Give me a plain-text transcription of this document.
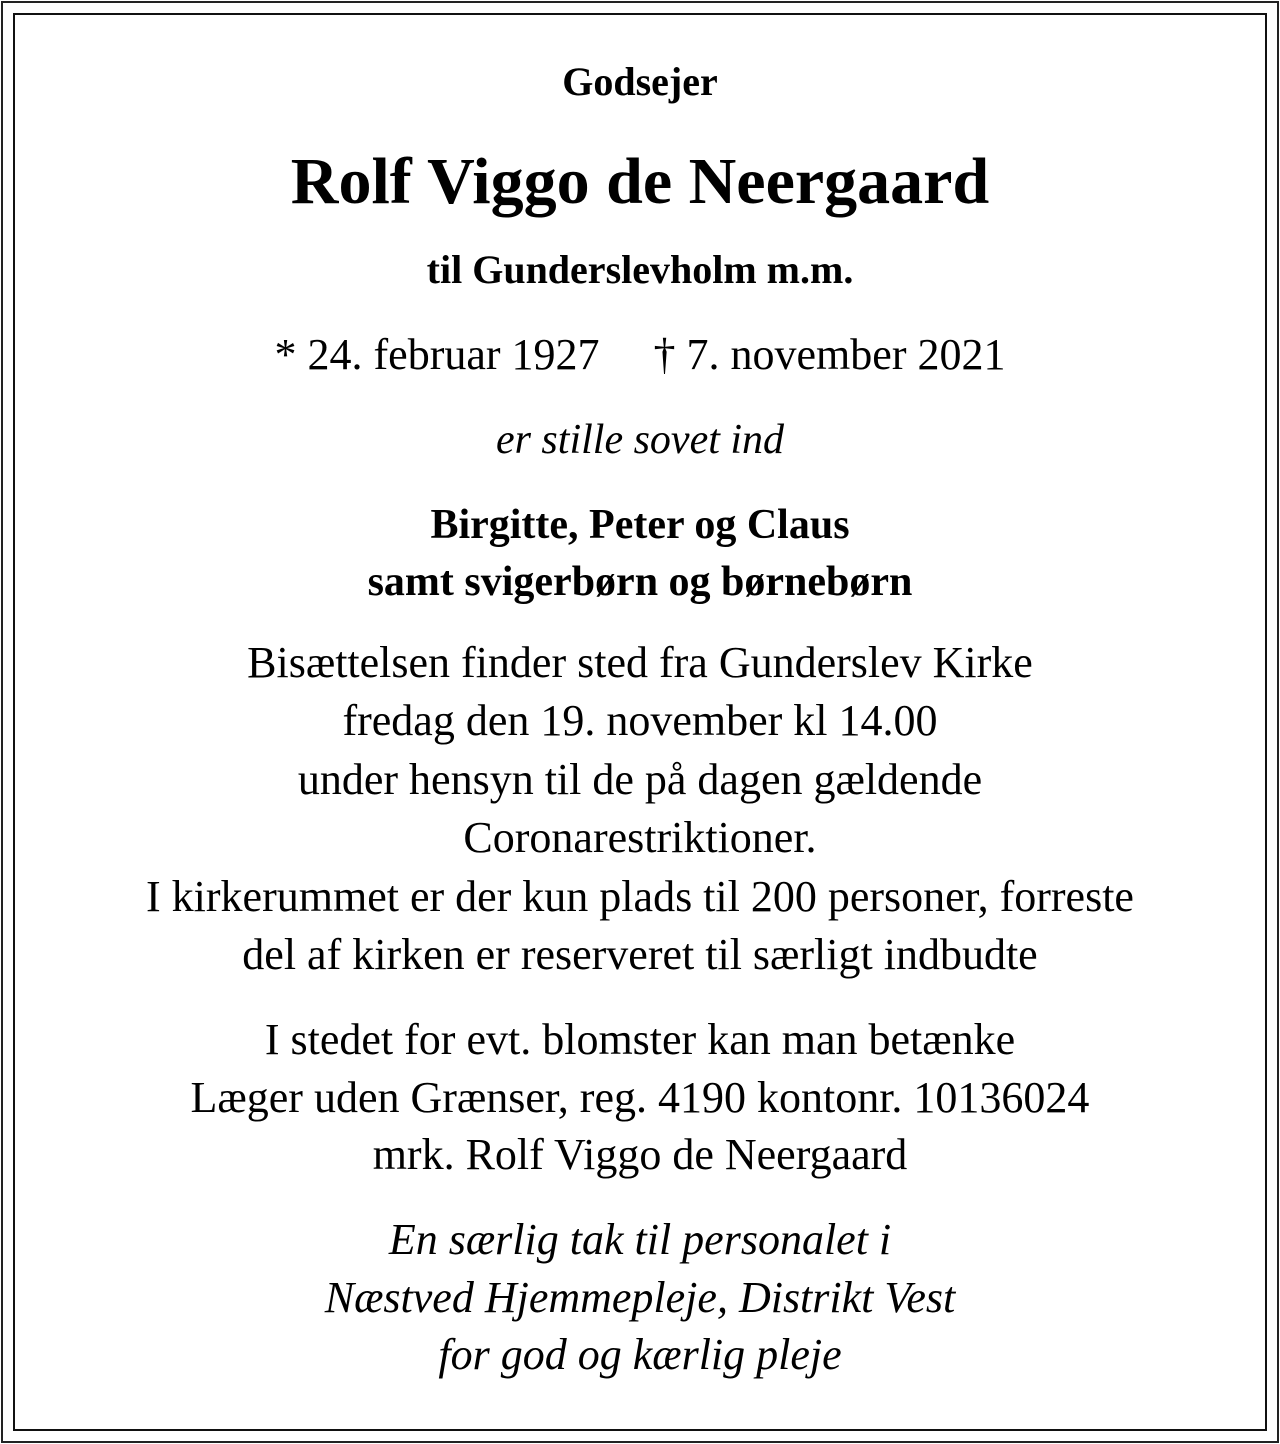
Godsejer
Rolf Viggo de Neergaard
til Gunderslevholm m.m.
* 24. februar 1927 † 7. november 2021
er stille sovet ind
Birgitte, Peter og Claus
samt svigerbørn og børnebørn
Bisættelsen finder sted fra Gunderslev Kirke
fredag den 19. november kl 14.00
under hensyn til de på dagen gældende
Coronarestriktioner.
I kirkerummet er der kun plads til 200 personer, forreste
del af kirken er reserveret til særligt indbudte
I stedet for evt. blomster kan man betænke
Læger uden Grænser, reg. 4190 kontonr. 10136024
mrk. Rolf Viggo de Neergaard
En særlig tak til personalet i
Næstved Hjemmepleje, Distrikt Vest
for god og kærlig pleje
